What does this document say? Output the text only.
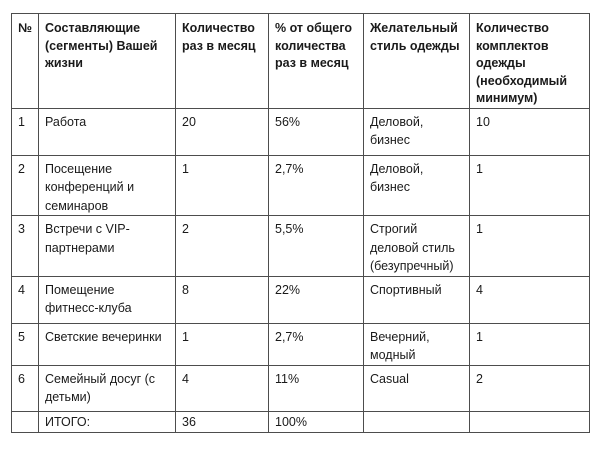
№	Составляющие (сегменты) Вашей жизни	Количество раз в месяц	% от общего количества раз в месяц	Желательный стиль одежды	Количество комплектов одежды (необходимый минимум)
1	Работа	20	56%	Деловой, бизнес	10
2	Посещение конференций и семинаров	1	2,7%	Деловой, бизнес	1
3	Встречи с VIP-партнерами	2	5,5%	Строгий деловой стиль (безупречный)	1
4	Помещение фитнесс‑клуба	8	22%	Спортивный	4
5	Светские вечеринки	1	2,7%	Вечерний, модный	1
6	Семейный досуг (с детьми)	4	11%	Casual	2
	ИТОГО:	36	100%		
